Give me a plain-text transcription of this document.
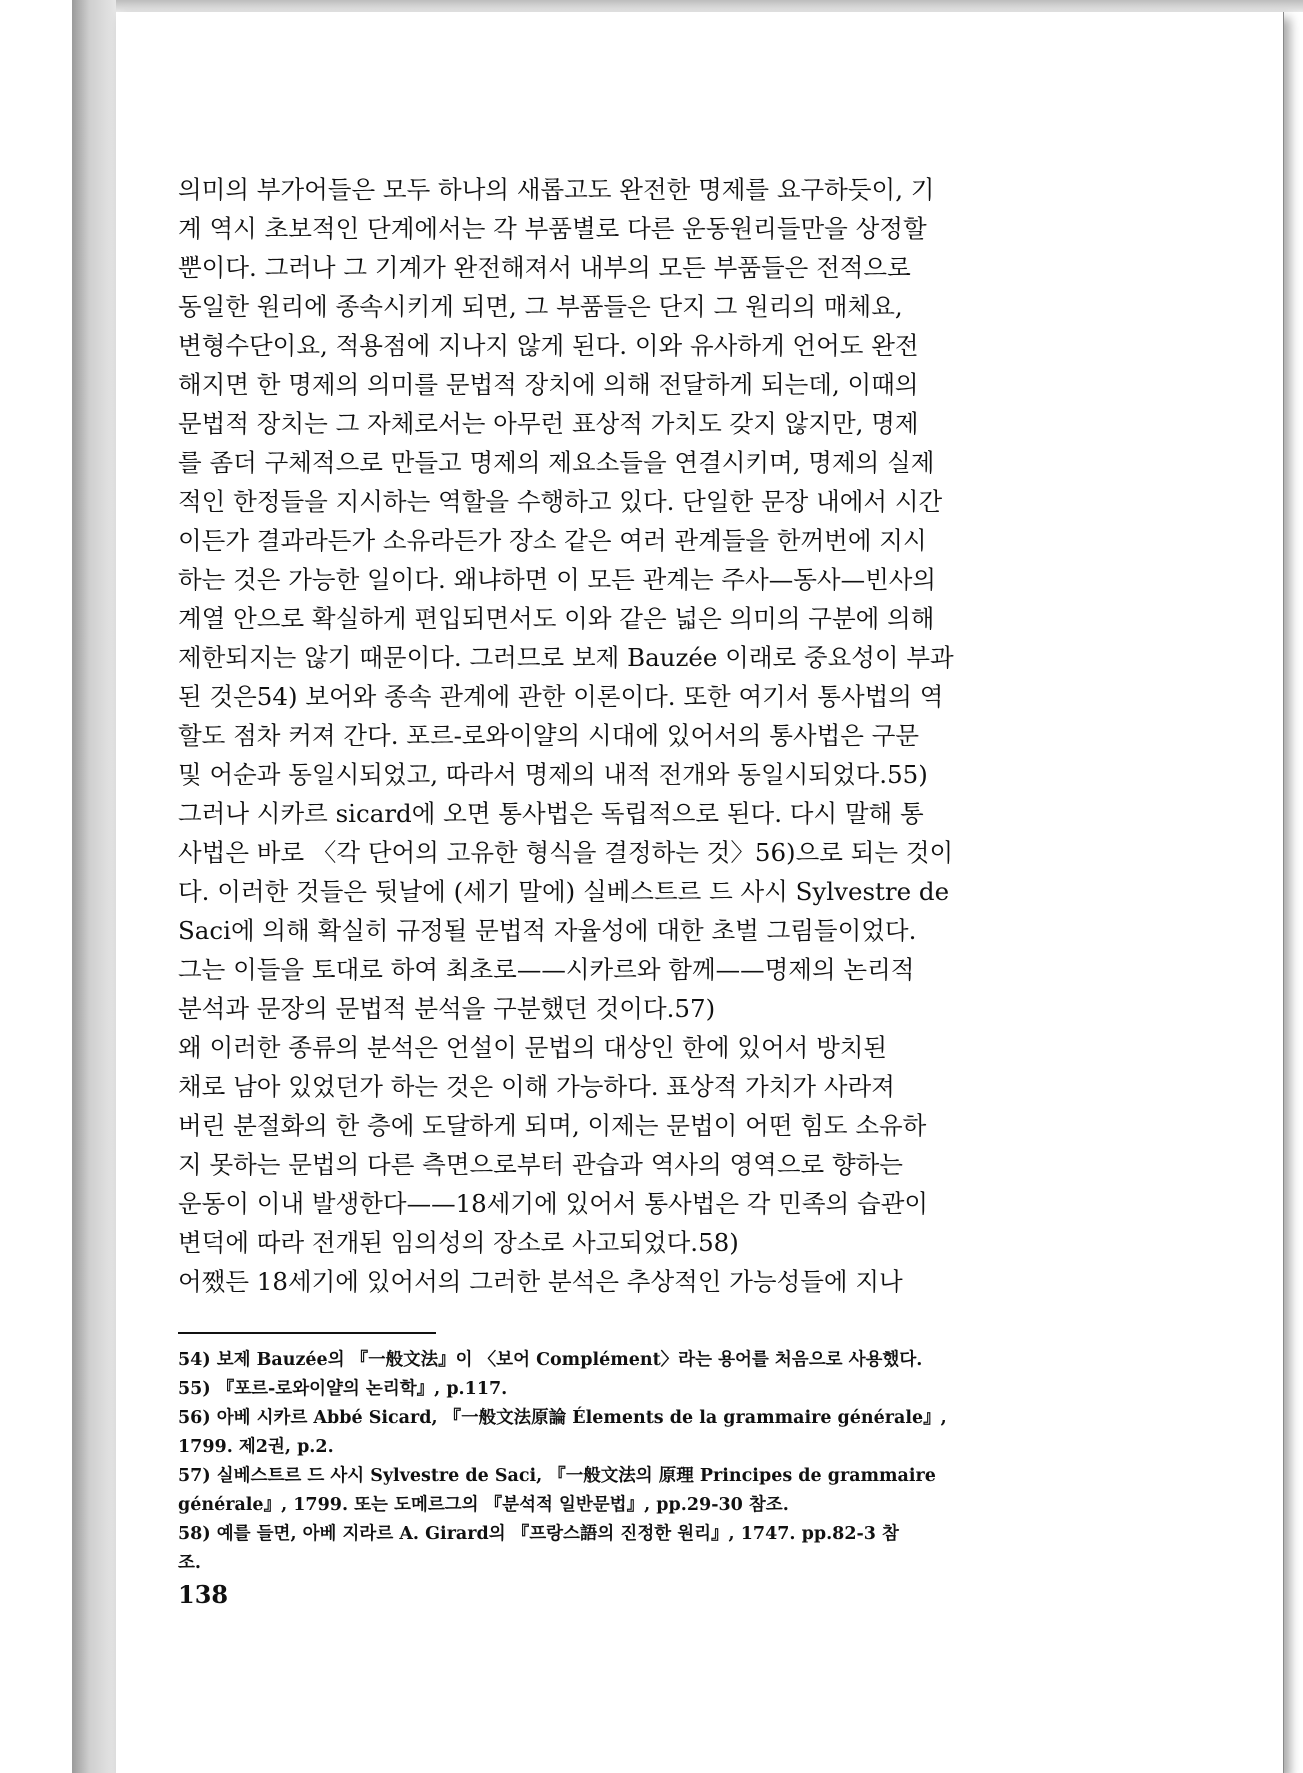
의미의 부가어들은 모두 하나의 새롭고도 완전한 명제를 요구하듯이, 기
계 역시 초보적인 단계에서는 각 부품별로 다른 운동원리들만을 상정할
뿐이다. 그러나 그 기계가 완전해져서 내부의 모든 부품들은 전적으로
동일한 원리에 종속시키게 되면, 그 부품들은 단지 그 원리의 매체요,
변형수단이요, 적용점에 지나지 않게 된다. 이와 유사하게 언어도 완전
해지면 한 명제의 의미를 문법적 장치에 의해 전달하게 되는데, 이때의
문법적 장치는 그 자체로서는 아무런 표상적 가치도 갖지 않지만, 명제
를 좀더 구체적으로 만들고 명제의 제요소들을 연결시키며, 명제의 실제
적인 한정들을 지시하는 역할을 수행하고 있다. 단일한 문장 내에서 시간
이든가 결과라든가 소유라든가 장소 같은 여러 관계들을 한꺼번에 지시
하는 것은 가능한 일이다. 왜냐하면 이 모든 관계는 주사—동사—빈사의
계열 안으로 확실하게 편입되면서도 이와 같은 넓은 의미의 구분에 의해
제한되지는 않기 때문이다. 그러므로 보제 Bauzée 이래로 중요성이 부과
된 것은54) 보어와 종속 관계에 관한 이론이다. 또한 여기서 통사법의 역
할도 점차 커져 간다. 포르-로와이얄의 시대에 있어서의 통사법은 구문
및 어순과 동일시되었고, 따라서 명제의 내적 전개와 동일시되었다.55)
그러나 시카르 sicard에 오면 통사법은 독립적으로 된다. 다시 말해 통
사법은 바로 〈각 단어의 고유한 형식을 결정하는 것〉56)으로 되는 것이
다. 이러한 것들은 뒷날에 (세기 말에) 실베스트르 드 사시 Sylvestre de
Saci에 의해 확실히 규정될 문법적 자율성에 대한 초벌 그림들이었다.
그는 이들을 토대로 하여 최초로——시카르와 함께——명제의 논리적
분석과 문장의 문법적 분석을 구분했던 것이다.57)

왜 이러한 종류의 분석은 언설이 문법의 대상인 한에 있어서 방치된
채로 남아 있었던가 하는 것은 이해 가능하다. 표상적 가치가 사라져
버린 분절화의 한 층에 도달하게 되며, 이제는 문법이 어떤 힘도 소유하
지 못하는 문법의 다른 측면으로부터 관습과 역사의 영역으로 향하는
운동이 이내 발생한다——18세기에 있어서 통사법은 각 민족의 습관이
변덕에 따라 전개된 임의성의 장소로 사고되었다.58)

어쨌든 18세기에 있어서의 그러한 분석은 추상적인 가능성들에 지나

54) 보제 Bauzée의 『一般文法』이 〈보어 Complément〉라는 용어를 처음으로 사용했다.

55) 『포르-로와이얄의 논리학』, p.117.

56) 아베 시카르 Abbé Sicard, 『一般文法原論 Élements de la grammaire générale』,
1799. 제2권, p.2.

57) 실베스트르 드 사시 Sylvestre de Saci, 『一般文法의 原理 Principes de grammaire
générale』, 1799. 또는 도메르그의 『분석적 일반문법』, pp.29-30 참조.

58) 예를 들면, 아베 지라르 A. Girard의 『프랑스語의 진정한 원리』, 1747. pp.82-3 참
조.

138
